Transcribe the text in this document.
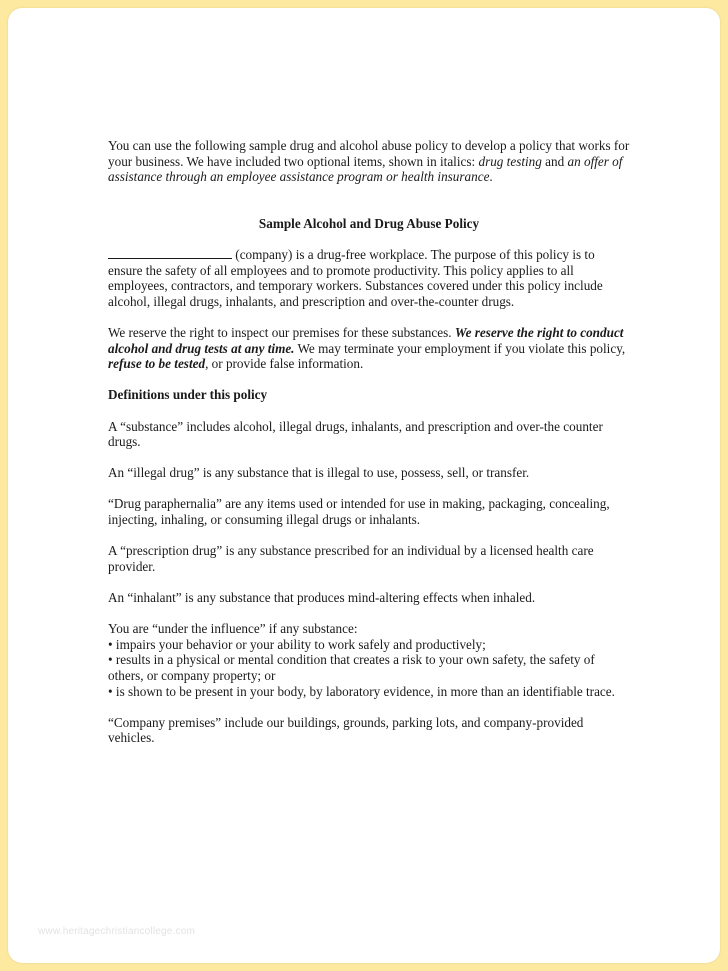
You can use the following sample drug and alcohol abuse policy to develop a policy that works for your business. We have included two optional items, shown in italics: drug testing and an offer of assistance through an employee assistance program or health insurance.

Sample Alcohol and Drug Abuse Policy

(company) is a drug-free workplace. The purpose of this policy is to ensure the safety of all employees and to promote productivity. This policy applies to all employees, contractors, and temporary workers. Substances covered under this policy include alcohol, illegal drugs, inhalants, and prescription and over-the-counter drugs.

We reserve the right to inspect our premises for these substances. We reserve the right to conduct alcohol and drug tests at any time. We may terminate your employment if you violate this policy, refuse to be tested, or provide false information.

Definitions under this policy

A “substance” includes alcohol, illegal drugs, inhalants, and prescription and over-the counter drugs.

An “illegal drug” is any substance that is illegal to use, possess, sell, or transfer.

“Drug paraphernalia” are any items used or intended for use in making, packaging, concealing, injecting, inhaling, or consuming illegal drugs or inhalants.

A “prescription drug” is any substance prescribed for an individual by a licensed health care provider.

An “inhalant” is any substance that produces mind-altering effects when inhaled.

You are “under the influence” if any substance:
• impairs your behavior or your ability to work safely and productively;
• results in a physical or mental condition that creates a risk to your own safety, the safety of others, or company property; or
• is shown to be present in your body, by laboratory evidence, in more than an identifiable trace.

“Company premises” include our buildings, grounds, parking lots, and company-provided vehicles.

www.heritagechristiancollege.com
